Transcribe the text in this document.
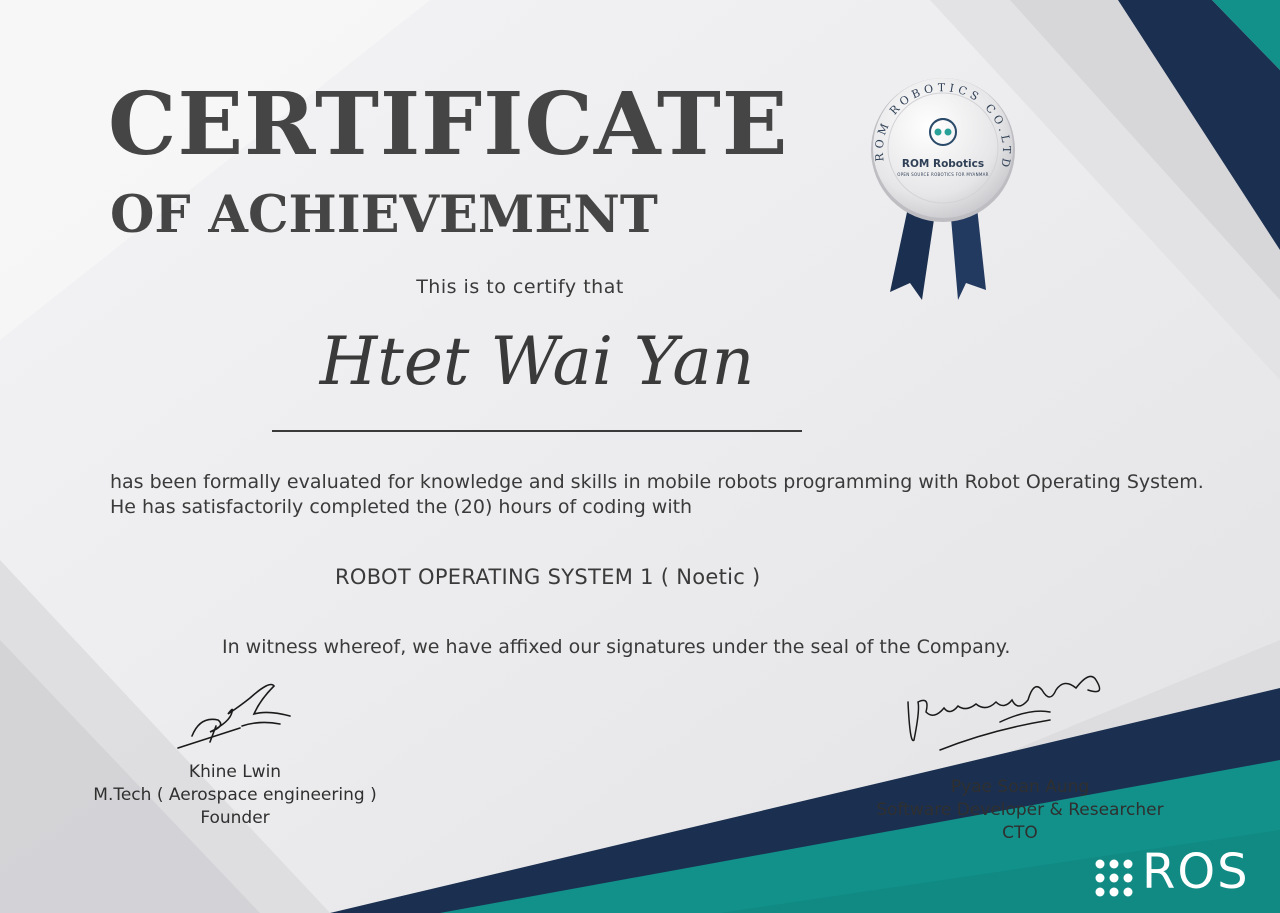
CERTIFICATE
OF ACHIEVEMENT
ROM ROBOTICS CO.LTD
ROM Robotics
OPEN SOURCE ROBOTICS FOR MYANMAR
This is to certify that
Htet Wai Yan
has been formally evaluated for knowledge and skills in mobile robots programming with Robot Operating System.
He has satisfactorily completed the (20) hours of coding with
ROBOT OPERATING SYSTEM 1 ( Noetic )
In witness whereof, we have affixed our signatures under the seal of the Company.
Khine Lwin
M.Tech ( Aerospace engineering )
Founder
Pyae Soan Aung
Software Developer & Researcher
CTO
ROS
